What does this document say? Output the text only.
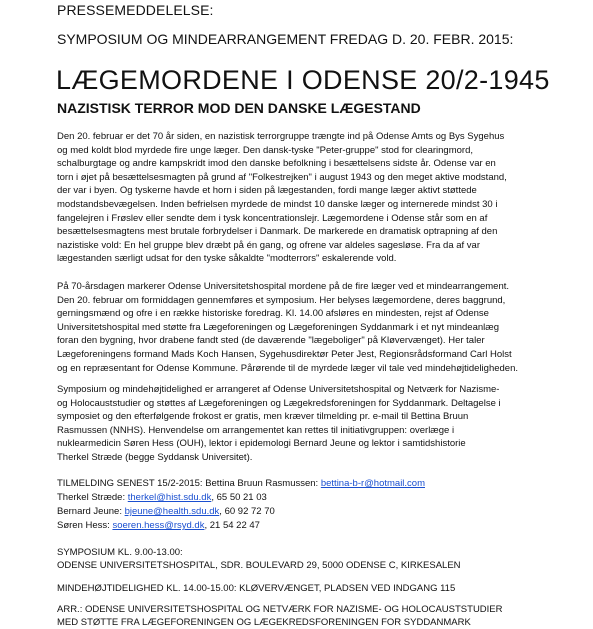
PRESSEMEDDELELSE:
SYMPOSIUM OG MINDEARRANGEMENT FREDAG D. 20. FEBR. 2015:
LÆGEMORDENE I ODENSE 20/2-1945
NAZISTISK TERROR MOD DEN DANSKE LÆGESTAND
Den 20. februar er det 70 år siden, en nazistisk terrorgruppe trængte ind på Odense Amts og Bys Sygehus
og med koldt blod myrdede fire unge læger. Den dansk-tyske "Peter-gruppe" stod for clearingmord,
schalburgtage og andre kampskridt imod den danske befolkning i besættelsens sidste år. Odense var en
torn i øjet på besættelsesmagten på grund af "Folkestrejken" i august 1943 og den meget aktive modstand,
der var i byen. Og tyskerne havde et horn i siden på lægestanden, fordi mange læger aktivt støttede
modstandsbevægelsen. Inden befrielsen myrdede de mindst 10 danske læger og internerede mindst 30 i
fangelejren i Frøslev eller sendte dem i tysk koncentrationslejr. Lægemordene i Odense står som en af
besættelsesmagtens mest brutale forbrydelser i Danmark. De markerede en dramatisk optrapning af den
nazistiske vold: En hel gruppe blev dræbt på én gang, og ofrene var aldeles sagesløse. Fra da af var
lægestanden særligt udsat for den tyske såkaldte "modterrors" eskalerende vold.
På 70-årsdagen markerer Odense Universitetshospital mordene på de fire læger ved et mindearrangement.
Den 20. februar om formiddagen gennemføres et symposium. Her belyses lægemordene, deres baggrund,
gerningsmænd og ofre i en række historiske foredrag. Kl. 14.00 afsløres en mindesten, rejst af Odense
Universitetshospital med støtte fra Lægeforeningen og Lægeforeningen Syddanmark i et nyt mindeanlæg
foran den bygning, hvor drabene fandt sted (de daværende "lægeboliger" på Kløvervænget). Her taler
Lægeforeningens formand Mads Koch Hansen, Sygehusdirektør Peter Jest, Regionsrådsformand Carl Holst
og en repræsentant for Odense Kommune. Pårørende til de myrdede læger vil tale ved mindehøjtideligheden.
Symposium og mindehøjtidelighed er arrangeret af Odense Universitetshospital og Netværk for Nazisme-
og Holocauststudier og støttes af Lægeforeningen og Lægekredsforeningen for Syddanmark. Deltagelse i
symposiet og den efterfølgende frokost er gratis, men kræver tilmelding pr. e-mail til Bettina Bruun
Rasmussen (NNHS). Henvendelse om arrangementet kan rettes til initiativgruppen: overlæge i
nuklearmedicin Søren Hess (OUH), lektor i epidemologi Bernard Jeune og lektor i samtidshistorie
Therkel Stræde (begge Syddansk Universitet).
TILMELDING SENEST 15/2-2015: Bettina Bruun Rasmussen: bettina-b-r@hotmail.com
Therkel Stræde: therkel@hist.sdu.dk, 65 50 21 03
Bernard Jeune: bjeune@health.sdu.dk, 60 92 72 70
Søren Hess: soeren.hess@rsyd.dk, 21 54 22 47
SYMPOSIUM KL. 9.00-13.00:
ODENSE UNIVERSITETSHOSPITAL, SDR. BOULEVARD 29, 5000 ODENSE C, KIRKESALEN
MINDEHØJTIDELIGHED KL. 14.00-15.00: KLØVERVÆNGET, PLADSEN VED INDGANG 115
ARR.: ODENSE UNIVERSITETSHOSPITAL OG NETVÆRK FOR NAZISME- OG HOLOCAUSTSTUDIER
MED STØTTE FRA LÆGEFORENINGEN OG LÆGEKREDSFORENINGEN FOR SYDDANMARK
